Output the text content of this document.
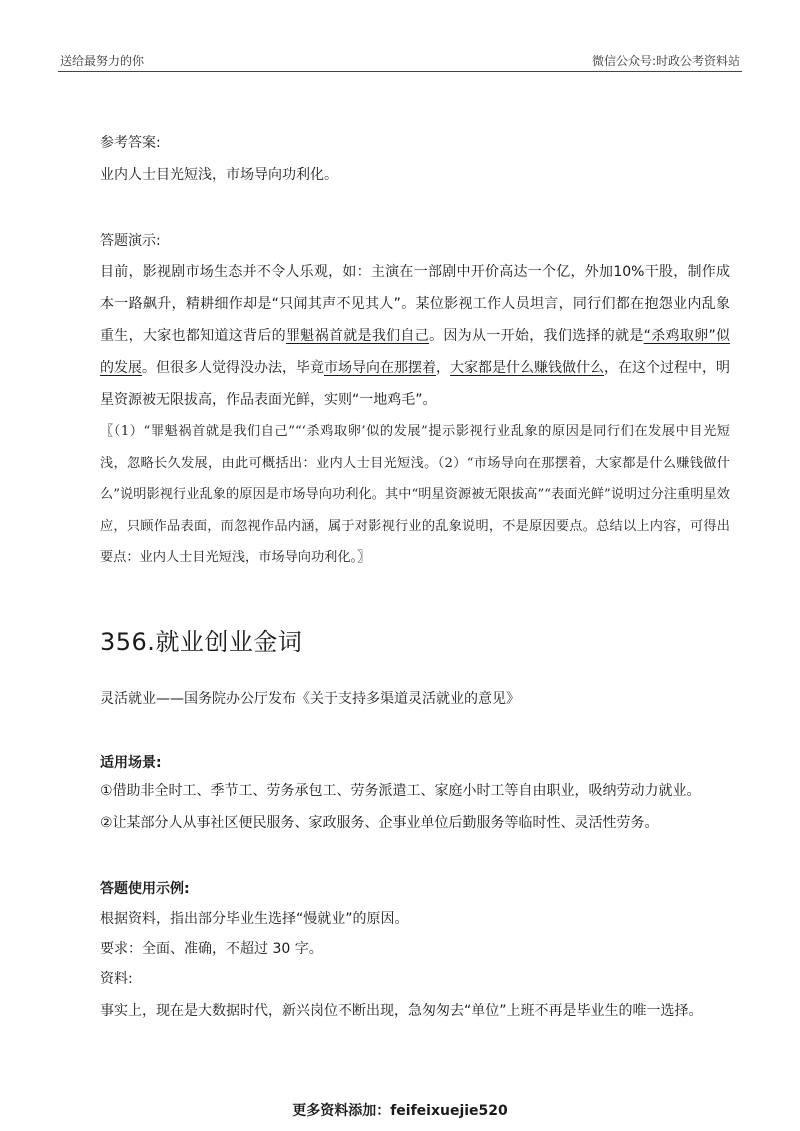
送给最努力的你	微信公众号:时政公考资料站
参考答案:
业内人士目光短浅，市场导向功利化。
答题演示:

目前，影视剧市场生态并不令人乐观，如：主演在一部剧中开价高达一个亿，外加10%干股，制作成本一路飙升，精耕细作却是“只闻其声不见其人”。某位影视工作人员坦言，同行们都在抱怨业内乱象重生，大家也都知道这背后的罪魁祸首就是我们自己。因为从一开始，我们选择的就是“杀鸡取卵”似的发展。但很多人觉得没办法，毕竟市场导向在那摆着，大家都是什么赚钱做什么，在这个过程中，明星资源被无限拔高，作品表面光鲜，实则“一地鸡毛”。

〖（1）“罪魁祸首就是我们自己”“‘杀鸡取卵’似的发展”提示影视行业乱象的原因是同行们在发展中目光短浅，忽略长久发展，由此可概括出：业内人士目光短浅。（2）“市场导向在那摆着，大家都是什么赚钱做什么”说明影视行业乱象的原因是市场导向功利化。其中“明星资源被无限拔高”“表面光鲜”说明过分注重明星效应，只顾作品表面，而忽视作品内涵，属于对影视行业的乱象说明，不是原因要点。总结以上内容，可得出要点：业内人士目光短浅，市场导向功利化。〗

356.就业创业金词
灵活就业——国务院办公厅发布《关于支持多渠道灵活就业的意见》
适用场景:
①借助非全时工、季节工、劳务承包工、劳务派遣工、家庭小时工等自由职业，吸纳劳动力就业。
②让某部分人从事社区便民服务、家政服务、企事业单位后勤服务等临时性、灵活性劳务。
答题使用示例:
根据资料，指出部分毕业生选择“慢就业”的原因。
要求：全面、准确，不超过 30 字。
资料:
事实上，现在是大数据时代，新兴岗位不断出现，急匆匆去“单位”上班不再是毕业生的唯一选择。
更多资料添加：feifeixuejie520
